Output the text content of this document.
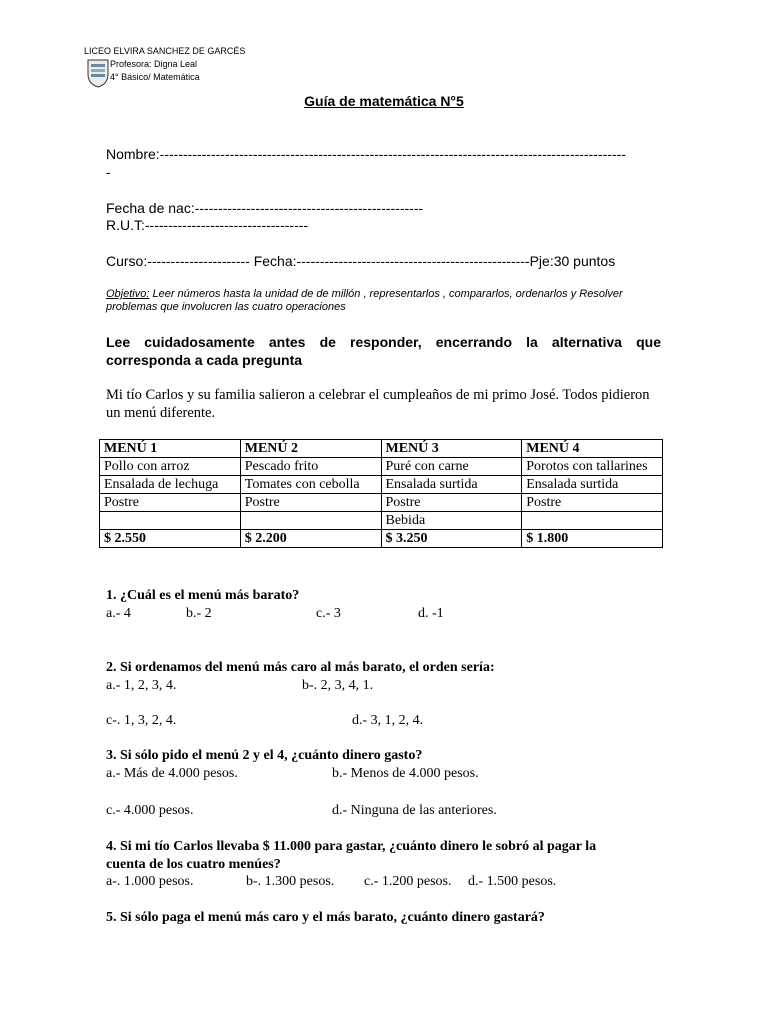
LICEO ELVIRA SANCHEZ DE GARCÉS
Profesora: Digna Leal
4° Básico/ Matemática
Guía de matemática N°5
Nombre:----------------------------------------------------------------------------------------------------
-
Fecha de nac:-------------------------------------------------
R.U.T:-----------------------------------
Curso:---------------------- Fecha:--------------------------------------------------Pje:30 puntos
Objetivo: Leer números hasta la unidad de de millón , representarlos , compararlos, ordenarlos y Resolver problemas que involucren las cuatro operaciones
Lee cuidadosamente antes de responder, encerrando la alternativa que corresponda a cada pregunta
Mi tío Carlos y su familia salieron a celebrar el cumpleaños de mi primo José. Todos pidieron un menú diferente.
MENÚ 1	MENÚ 2	MENÚ 3	MENÚ 4
Pollo con arroz	Pescado frito	Puré con carne	Porotos con tallarines
Ensalada de lechuga	Tomates con cebolla	Ensalada surtida	Ensalada surtida
Postre	Postre	Postre	Postre
		Bebida	
$ 2.550	$ 2.200	$ 3.250	$ 1.800
1. ¿Cuál es el menú más barato?
a.- 4	b.- 2	c.- 3	d. -1
2. Si ordenamos del menú más caro al más barato, el orden sería:
a.- 1, 2, 3, 4.	b-. 2, 3, 4, 1.
c-. 1, 3, 2, 4.	d.- 3, 1, 2, 4.
3. Si sólo pido el menú 2 y el 4, ¿cuánto dinero gasto?
a.- Más de 4.000 pesos.	b.- Menos de 4.000 pesos.
c.- 4.000 pesos.	d.- Ninguna de las anteriores.
4. Si mi tío Carlos llevaba $ 11.000 para gastar, ¿cuánto dinero le sobró al pagar la cuenta de los cuatro menúes?
a-. 1.000 pesos.	b-. 1.300 pesos. c.- 1.200 pesos. d.- 1.500 pesos.
5. Si sólo paga el menú más caro y el más barato, ¿cuánto dinero gastará?
